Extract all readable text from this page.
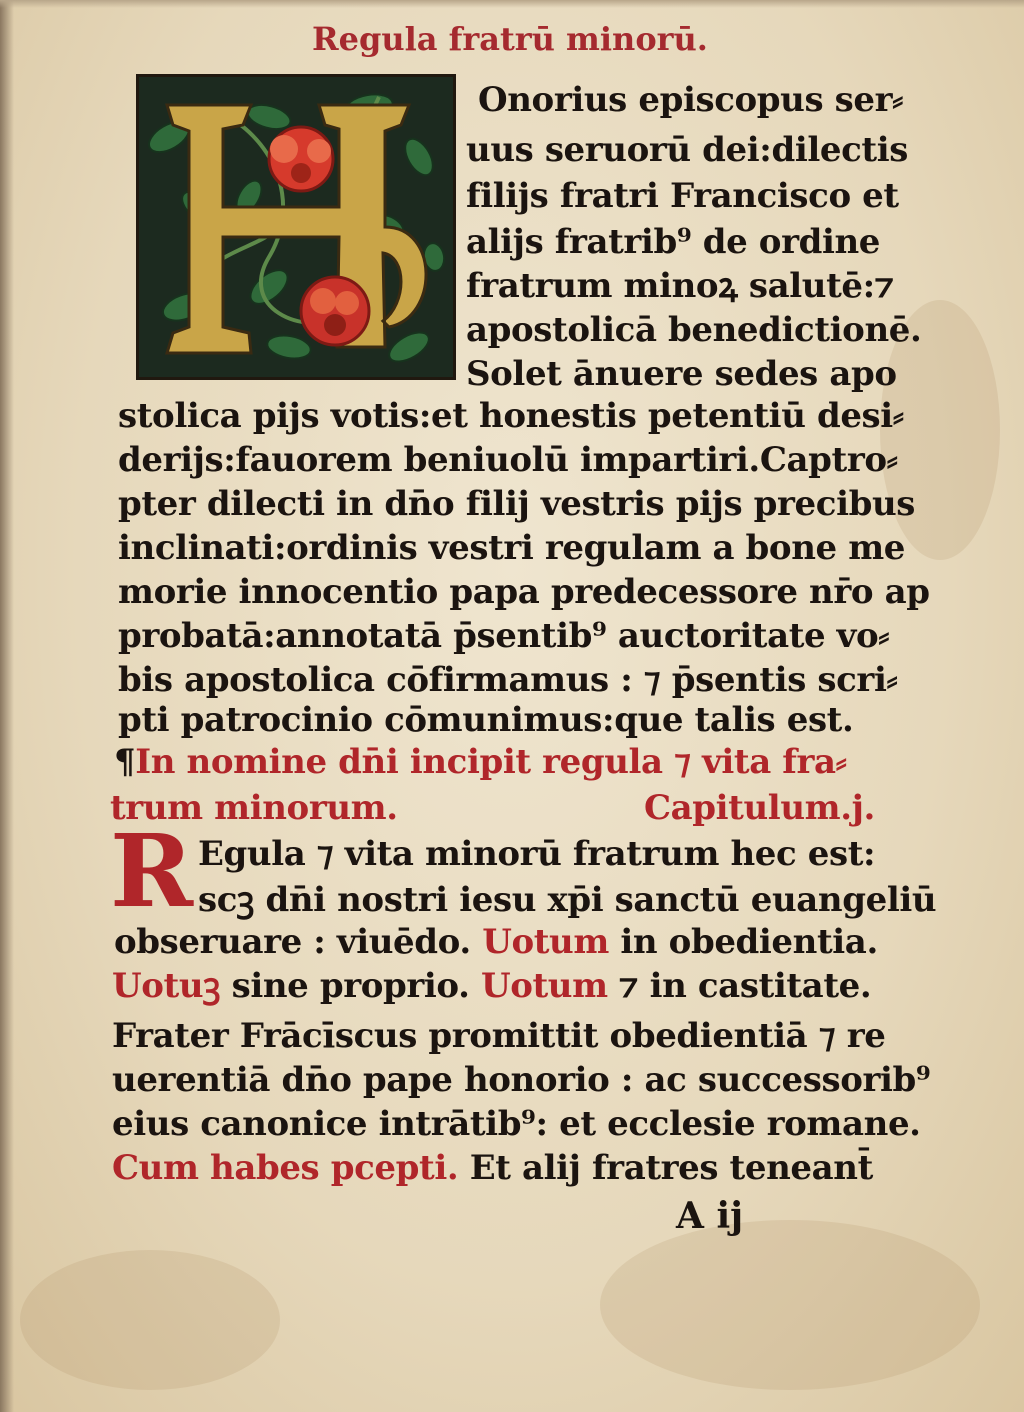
Regula fratrū minorū.
Onorius episcopus ser⸗
uus seruorū dei:dilectis
filijs fratri Francisco et
alijs fratrib⁹ de ordine
fratrum minoꝝ salutē:⁊
apostolicā benedictionē.
Solet ānuere sedes apo
stolica pijs votis:et honestis petentiū desi⸗
derijs:fauorem beniuolū impartiri.Captro⸗
pter dilecti in dn̄o filij vestris pijs precibus
inclinati:ordinis vestri regulam a bone me
morie innocentio papa predecessore nr̄o ap
probatā:annotatā p̄sentib⁹ auctoritate vo⸗
bis apostolica cōfirmamus : ⁊ p̄sentis scri⸗
pti patrocinio cōmunimus:que talis est.
¶In nomine dn̄i incipit regula ⁊ vita fra⸗
trum minorum.	Capitulum.j.
R Egula ⁊ vita minorū fratrum hec est:
scꝫ dn̄i nostri iesu xp̄i sanctū euangeliū
obseruare : viuēdo. Uotum in obedientia.
Uotuꝫ sine proprio. Uotum ⁊ in castitate.
Frater Frācīscus promittit obedientiā ⁊ re
uerentiā dn̄o pape honorio : ac successorib⁹
eius canonice intrātib⁹: et ecclesie romane.
Cum habes pcepti. Et alij fratres teneant̄
A ij
